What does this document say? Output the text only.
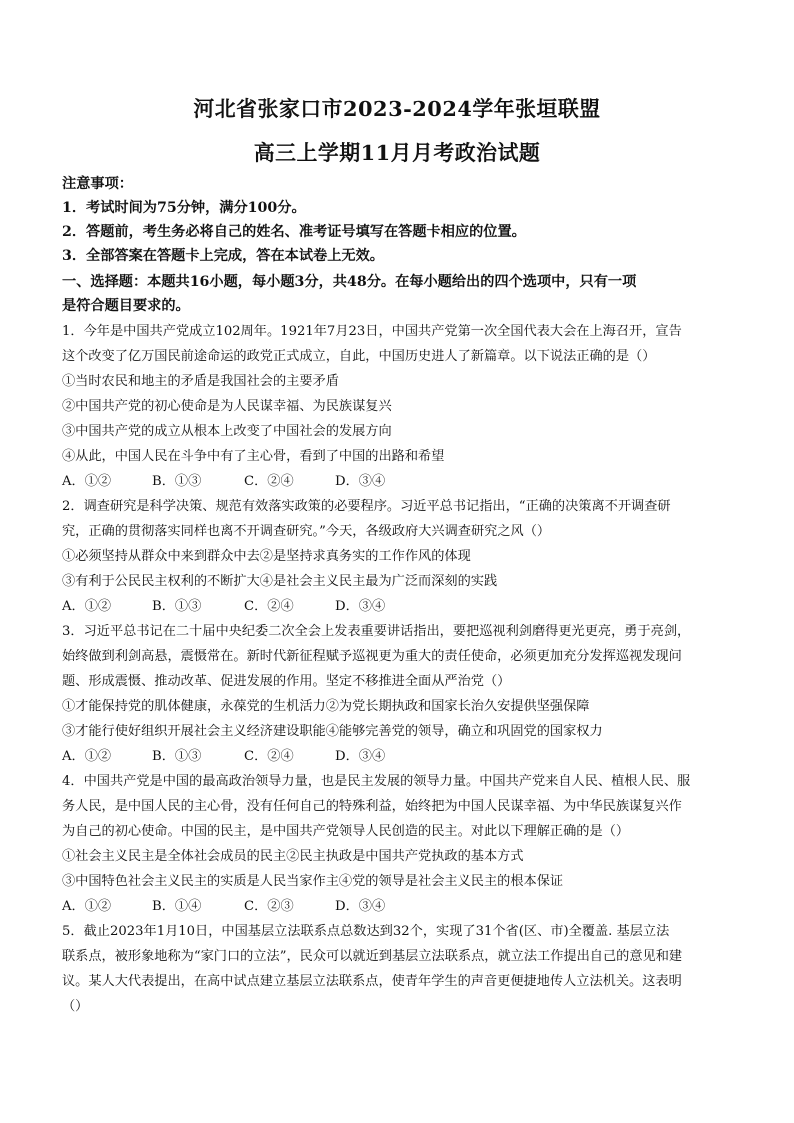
河北省张家口市2023-2024学年张垣联盟
高三上学期11月月考政治试题
注意事项：
1．考试时间为75分钟，满分100分。
2．答题前，考生务必将自己的姓名、准考证号填写在答题卡相应的位置。
3．全部答案在答题卡上完成，答在本试卷上无效。
一、选择题：本题共16小题，每小题3分，共48分。在每小题给出的四个选项中，只有一项
是符合题目要求的。
1．今年是中国共产党成立102周年。1921年7月23日，中国共产党第一次全国代表大会在上海召开，宣告
这个改变了亿万国民前途命运的政党正式成立，自此，中国历史进人了新篇章。以下说法正确的是（）
①当时农民和地主的矛盾是我国社会的主要矛盾
②中国共产党的初心使命是为人民谋幸福、为民族谋复兴
③中国共产党的成立从根本上改变了中国社会的发展方向
④从此，中国人民在斗争中有了主心骨，看到了中国的出路和希望
A．①②	B．①③	C．②④	D．③④
2．调查研究是科学决策、规范有效落实政策的必要程序。习近平总书记指出，“正确的决策离不开调查研
究，正确的贯彻落实同样也离不开调查研究。”今天，各级政府大兴调查研究之风（）
①必须坚持从群众中来到群众中去②是坚持求真务实的工作作风的体现
③有利于公民民主权利的不断扩大④是社会主义民主最为广泛而深刻的实践
A．①②	B．①③	C．②④	D．③④
3．习近平总书记在二十届中央纪委二次全会上发表重要讲话指出，要把巡视利剑磨得更光更亮，勇于亮剑，
始终做到利剑高悬，震慑常在。新时代新征程赋予巡视更为重大的责任使命，必须更加充分发挥巡视发现问
题、形成震慑、推动改革、促进发展的作用。坚定不移推进全面从严治党（）
①才能保持党的肌体健康，永葆党的生机活力②为党长期执政和国家长治久安提供坚强保障
③才能行使好组织开展社会主义经济建设职能④能够完善党的领导，确立和巩固党的国家权力
A．①②	B．①③	C．②④	D．③④
4．中国共产党是中国的最高政治领导力量，也是民主发展的领导力量。中国共产党来自人民、植根人民、服
务人民，是中国人民的主心骨，没有任何自己的特殊利益，始终把为中国人民谋幸福、为中华民族谋复兴作
为自己的初心使命。中国的民主，是中国共产党领导人民创造的民主。对此以下理解正确的是（）
①社会主义民主是全体社会成员的民主②民主执政是中国共产党执政的基本方式
③中国特色社会主义民主的实质是人民当家作主④党的领导是社会主义民主的根本保证
A．①②	B．①④	C．②③	D．③④
5．截止2023年1月10日，中国基层立法联系点总数达到32个，实现了31个省(区、市)全覆盖. 基层立法
联系点，被形象地称为“家门口的立法”，民众可以就近到基层立法联系点，就立法工作提出自己的意见和建
议。某人大代表提出，在高中试点建立基层立法联系点，使青年学生的声音更便捷地传人立法机关。这表明
（）
